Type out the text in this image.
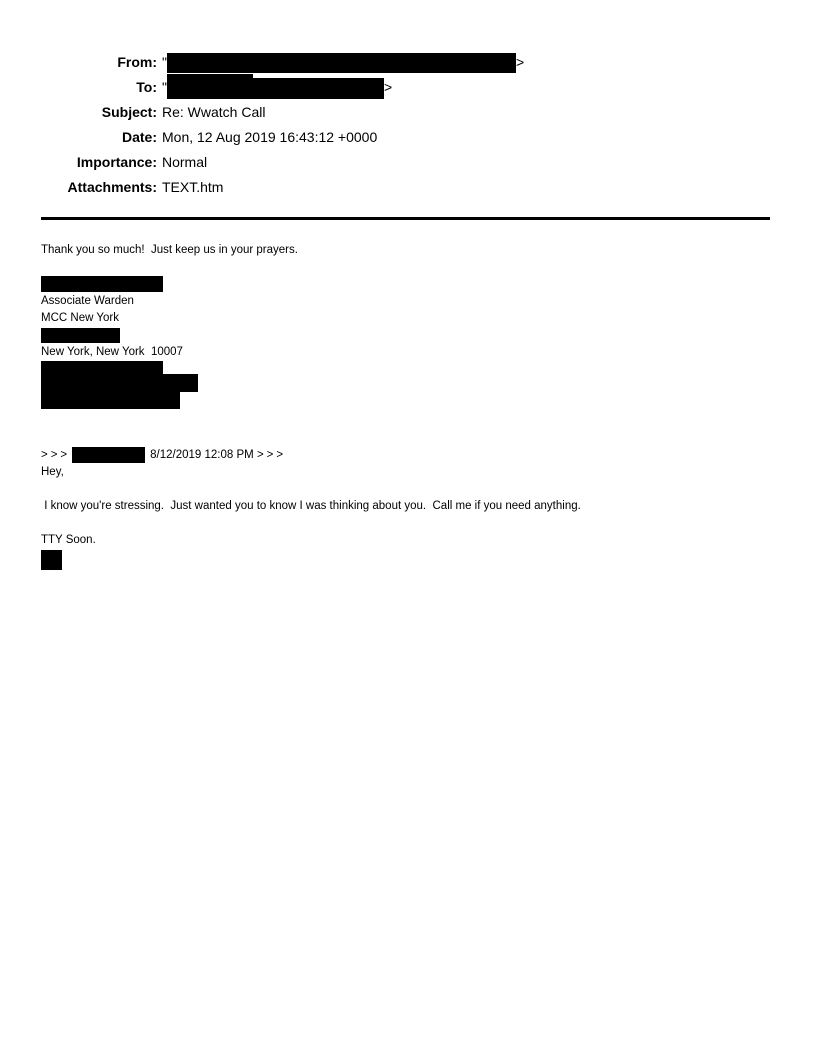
From: "	>
To: "	>
Subject: Re: Wwatch Call
Date: Mon, 12 Aug 2019 16:43:12 +0000
Importance: Normal
Attachments: TEXT.htm
Thank you so much!  Just keep us in your prayers.
Associate Warden
MCC New York
New York, New York  10007
>>>	8/12/2019 12:08 PM >>>
Hey,
I know you're stressing.  Just wanted you to know I was thinking about you.  Call me if you need anything.
TTY Soon.
